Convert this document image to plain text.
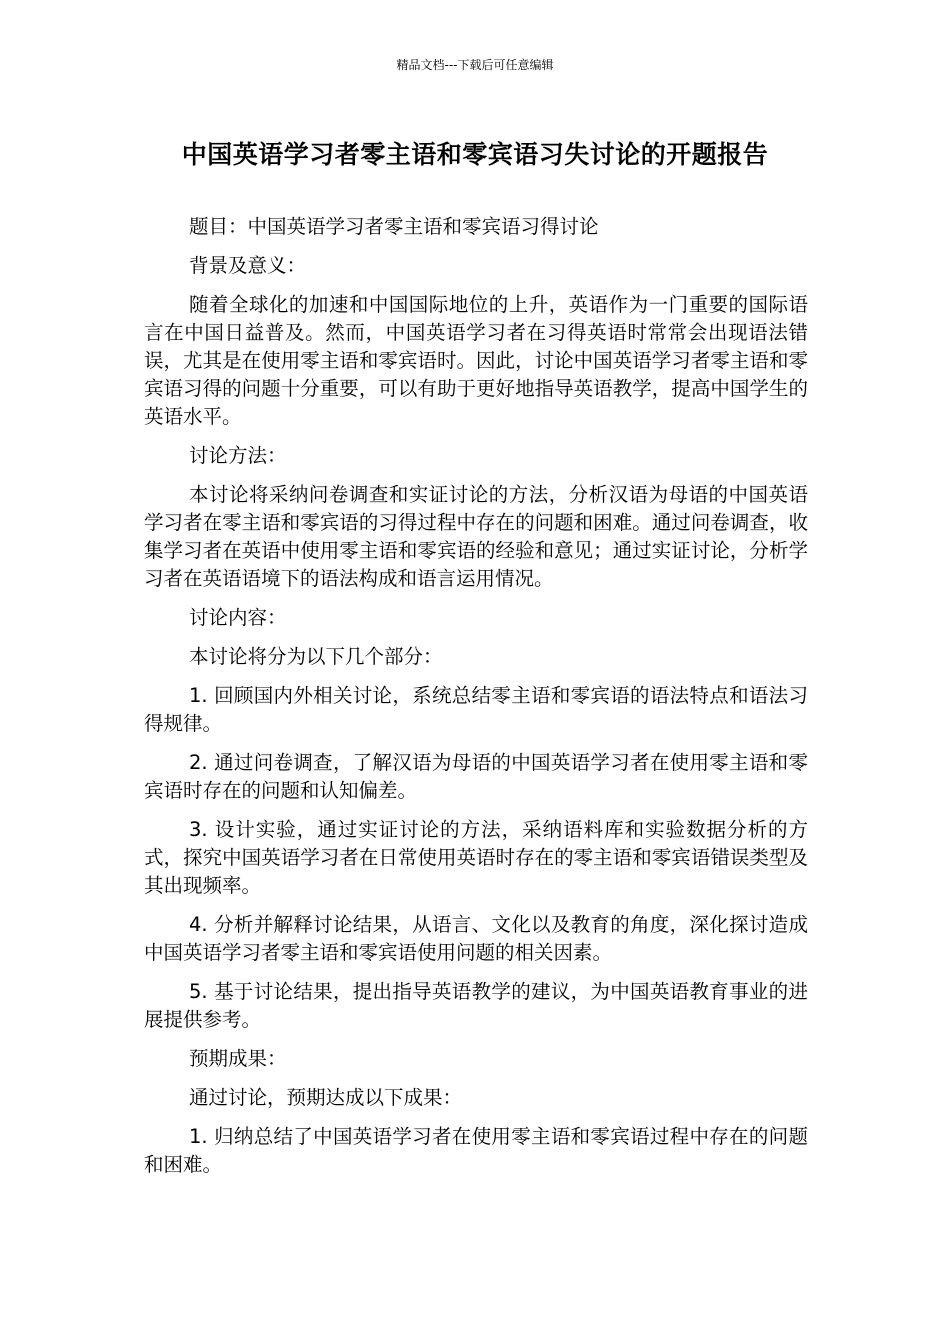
精品文档---下载后可任意编辑
中国英语学习者零主语和零宾语习失讨论的开题报告

题目：中国英语学习者零主语和零宾语习得讨论

背景及意义：

随着全球化的加速和中国国际地位的上升，英语作为一门重要的国际语言在中国日益普及。然而，中国英语学习者在习得英语时常常会出现语法错误，尤其是在使用零主语和零宾语时。因此，讨论中国英语学习者零主语和零宾语习得的问题十分重要，可以有助于更好地指导英语教学，提高中国学生的英语水平。

讨论方法：

本讨论将采纳问卷调查和实证讨论的方法，分析汉语为母语的中国英语学习者在零主语和零宾语的习得过程中存在的问题和困难。通过问卷调查，收集学习者在英语中使用零主语和零宾语的经验和意见；通过实证讨论，分析学习者在英语语境下的语法构成和语言运用情况。

讨论内容：

本讨论将分为以下几个部分：

1. 回顾国内外相关讨论，系统总结零主语和零宾语的语法特点和语法习得规律。

2. 通过问卷调查，了解汉语为母语的中国英语学习者在使用零主语和零宾语时存在的问题和认知偏差。

3. 设计实验，通过实证讨论的方法，采纳语料库和实验数据分析的方式，探究中国英语学习者在日常使用英语时存在的零主语和零宾语错误类型及其出现频率。

4. 分析并解释讨论结果，从语言、文化以及教育的角度，深化探讨造成中国英语学习者零主语和零宾语使用问题的相关因素。

5. 基于讨论结果，提出指导英语教学的建议，为中国英语教育事业的进展提供参考。

预期成果：

通过讨论，预期达成以下成果：

1. 归纳总结了中国英语学习者在使用零主语和零宾语过程中存在的问题和困难。
